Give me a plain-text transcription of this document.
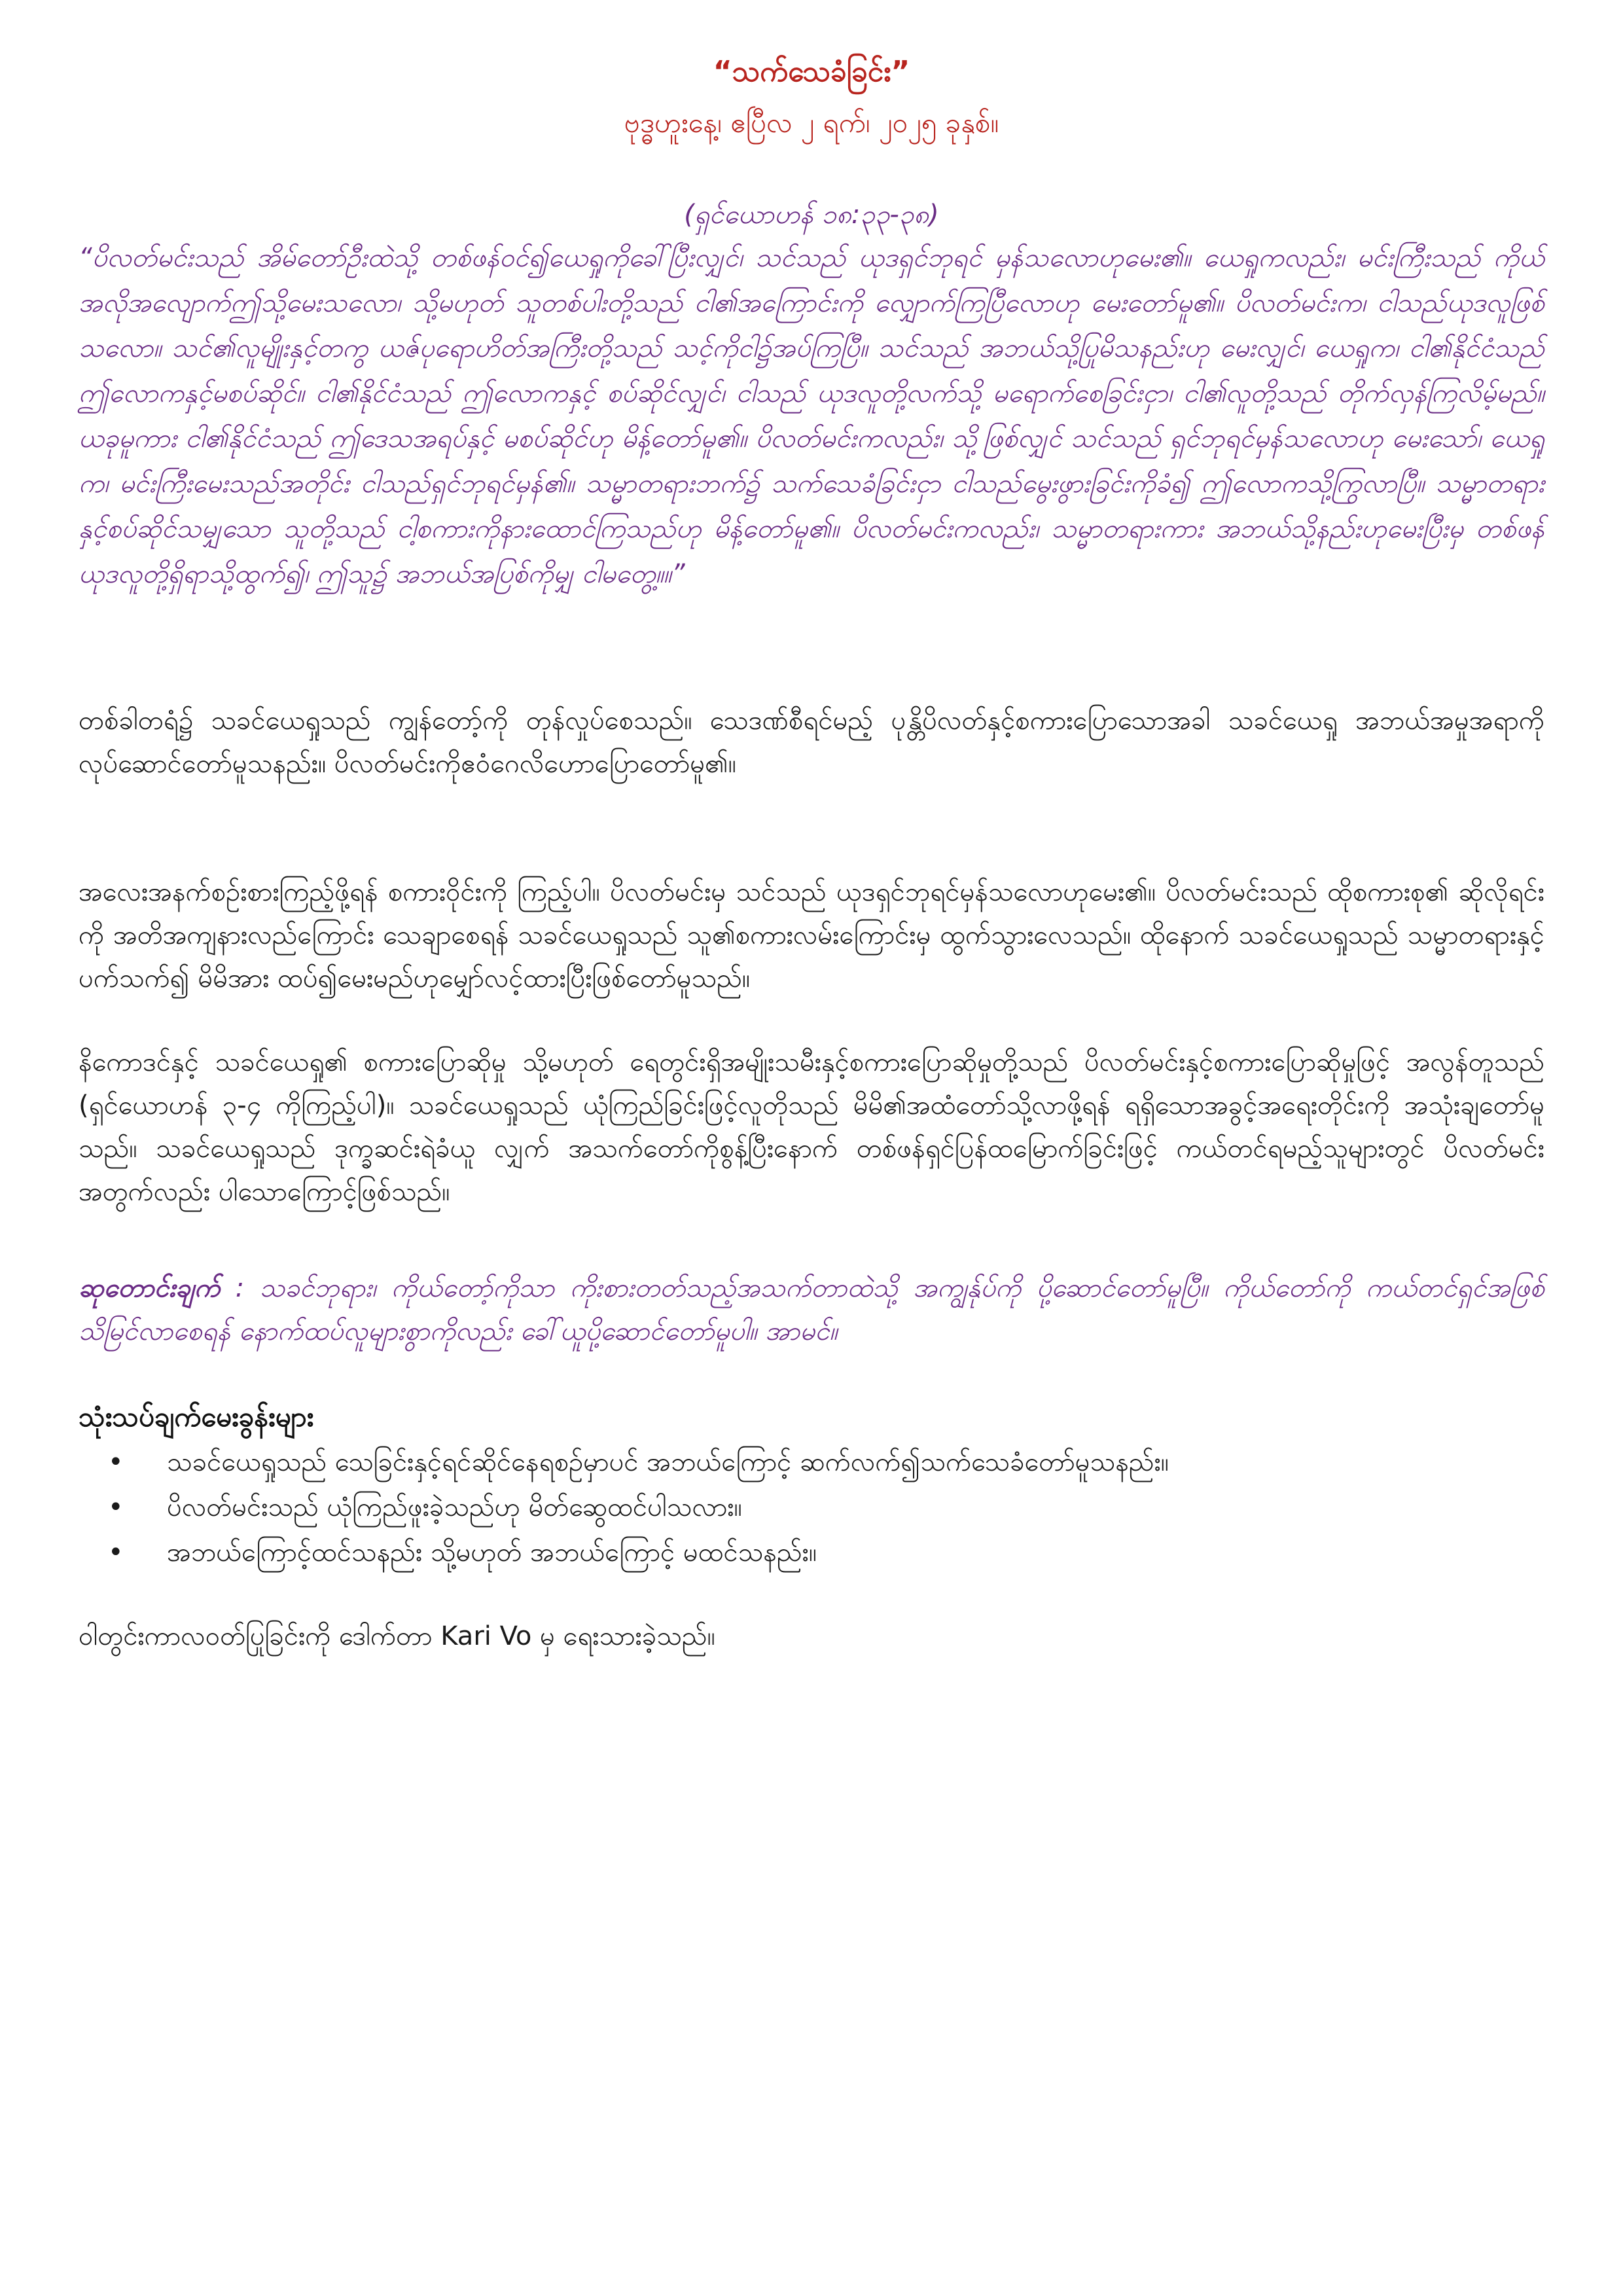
“သက်သေခံခြင်း”
ဗုဒ္ဓဟူးနေ့၊ ဧပြီလ ၂ ရက်၊ ၂၀၂၅ ခုနှစ်။
(ရှင်ယောဟန် ၁၈:၃၃-၃၈)
“ပိလတ်မင်းသည် အိမ်တော်ဦးထဲသို့ တစ်ဖန်ဝင်၍ယေရှုကိုခေါ်ပြီးလျှင်၊ သင်သည် ယုဒရှင်ဘုရင် မှန်သလောဟုမေး၏။ ယေရှုကလည်း၊ မင်းကြီးသည် ကိုယ်အလိုအလျောက်ဤသို့မေးသလော၊ သို့မဟုတ် သူတစ်ပါးတို့သည် ငါ၏အကြောင်းကို လျှောက်ကြပြီလောဟု မေးတော်မူ၏။ ပိလတ်မင်းက၊ ငါသည်ယုဒလူဖြစ်သလော။ သင်၏လူမျိုးနှင့်တကွ ယဇ်ပုရောဟိတ်အကြီးတို့သည် သင့်ကိုငါ၌အပ်ကြပြီ။ သင်သည် အဘယ်သို့ပြုမိသနည်းဟု မေးလျှင်၊ ယေရှုက၊ ငါ၏နိုင်ငံသည် ဤလောကနှင့်မစပ်ဆိုင်။ ငါ၏နိုင်ငံသည် ဤလောကနှင့် စပ်ဆိုင်လျှင်၊ ငါသည် ယုဒလူတို့လက်သို့ မရောက်စေခြင်းငှာ၊ ငါ၏လူတို့သည် တိုက်လှန်ကြလိမ့်မည်။ ယခုမူကား ငါ၏နိုင်ငံသည် ဤဒေသအရပ်နှင့် မစပ်ဆိုင်ဟု မိန့်တော်မူ၏။ ပိလတ်မင်းကလည်း၊ သို့ဖြစ်လျှင် သင်သည် ရှင်ဘုရင်မှန်သလောဟု မေးသော်၊ ယေရှုက၊ မင်းကြီးမေးသည်အတိုင်း ငါသည်ရှင်ဘုရင်မှန်၏။ သမ္မာတရားဘက်၌ သက်သေခံခြင်းငှာ ငါသည်မွေးဖွားခြင်းကိုခံ၍ ဤလောကသို့ကြွလာပြီ။ သမ္မာတရားနှင့်စပ်ဆိုင်သမျှသော သူတို့သည် ငါ့စကားကိုနားထောင်ကြသည်ဟု မိန့်တော်မူ၏။ ပိလတ်မင်းကလည်း၊ သမ္မာတရားကား အဘယ်သို့နည်းဟုမေးပြီးမှ တစ်ဖန် ယုဒလူတို့ရှိရာသို့ထွက်၍၊ ဤသူ၌ အဘယ်အပြစ်ကိုမျှ ငါမတွေ့။။”
တစ်ခါတရံ၌ သခင်ယေရှုသည် ကျွန်တော့်ကို တုန်လှုပ်စေသည်။ သေဒဏ်စီရင်မည့် ပုန္တိပိလတ်နှင့်စကားပြောသောအခါ သခင်ယေရှု အဘယ်အမှုအရာကိုလုပ်ဆောင်တော်မူသနည်း။ ပိလတ်မင်းကိုဧဝံဂေလိဟောပြောတော်မူ၏။
အလေးအနက်စဉ်းစားကြည့်ဖို့ရန် စကားဝိုင်းကို ကြည့်ပါ။ ပိလတ်မင်းမှ သင်သည် ယုဒရှင်ဘုရင်မှန်သလောဟုမေး၏။ ပိလတ်မင်းသည် ထိုစကားစု၏ ဆိုလိုရင်းကို အတိအကျနားလည်ကြောင်း သေချာစေရန် သခင်ယေရှုသည် သူ၏စကားလမ်းကြောင်းမှ ထွက်သွားလေသည်။ ထိုနောက် သခင်ယေရှုသည် သမ္မာတရားနှင့်ပက်သက်၍ မိမိအား ထပ်၍မေးမည်ဟုမျှော်လင့်ထားပြီးဖြစ်တော်မူသည်။
နိကောဒင်နှင့် သခင်ယေရှု၏ စကားပြောဆိုမှု သို့မဟုတ် ရေတွင်းရှိအမျိုးသမီးနှင့်စကားပြောဆိုမှုတို့သည် ပိလတ်မင်းနှင့်စကားပြောဆိုမှုဖြင့် အလွန်တူသည် (ရှင်ယောဟန် ၃-၄ ကိုကြည့်ပါ)။ သခင်ယေရှုသည် ယုံကြည်ခြင်းဖြင့်လူတိုသည် မိမိ၏အထံတော်သို့လာဖို့ရန် ရရှိသောအခွင့်အရေးတိုင်းကို အသုံးချတော်မူသည်။ သခင်ယေရှုသည် ဒုက္ခဆင်းရဲခံယူ လျှက် အသက်တော်ကိုစွန့်ပြီးနောက် တစ်ဖန်ရှင်ပြန်ထမြောက်ခြင်းဖြင့် ကယ်တင်ရမည့်သူများတွင် ပိလတ်မင်းအတွက်လည်း ပါသောကြောင့်ဖြစ်သည်။
ဆုတောင်းချက် : သခင်ဘုရား၊ ကိုယ်တော့်ကိုသာ ကိုးစားတတ်သည့်အသက်တာထဲသို့ အကျွန်ုပ်ကို ပို့ဆောင်တော်မူပြီ။ ကိုယ်တော်ကို ကယ်တင်ရှင်အဖြစ် သိမြင်လာစေရန် နောက်ထပ်လူများစွာကိုလည်း ခေါ်ယူပို့ဆောင်တော်မူပါ။ အာမင်။
သုံးသပ်ချက်မေးခွန်းများ
• သခင်ယေရှုသည် သေခြင်းနှင့်ရင်ဆိုင်နေရစဉ်မှာပင် အဘယ်ကြောင့် ဆက်လက်၍သက်သေခံတော်မူသနည်း။
• ပိလတ်မင်းသည် ယုံကြည်ဖူးခဲ့သည်ဟု မိတ်ဆွေထင်ပါသလား။
• အဘယ်ကြောင့်ထင်သနည်း သို့မဟုတ် အဘယ်ကြောင့် မထင်သနည်း။
ဝါတွင်းကာလဝတ်ပြုခြင်းကို ဒေါက်တာ Kari Vo မှ ရေးသားခဲ့သည်။
